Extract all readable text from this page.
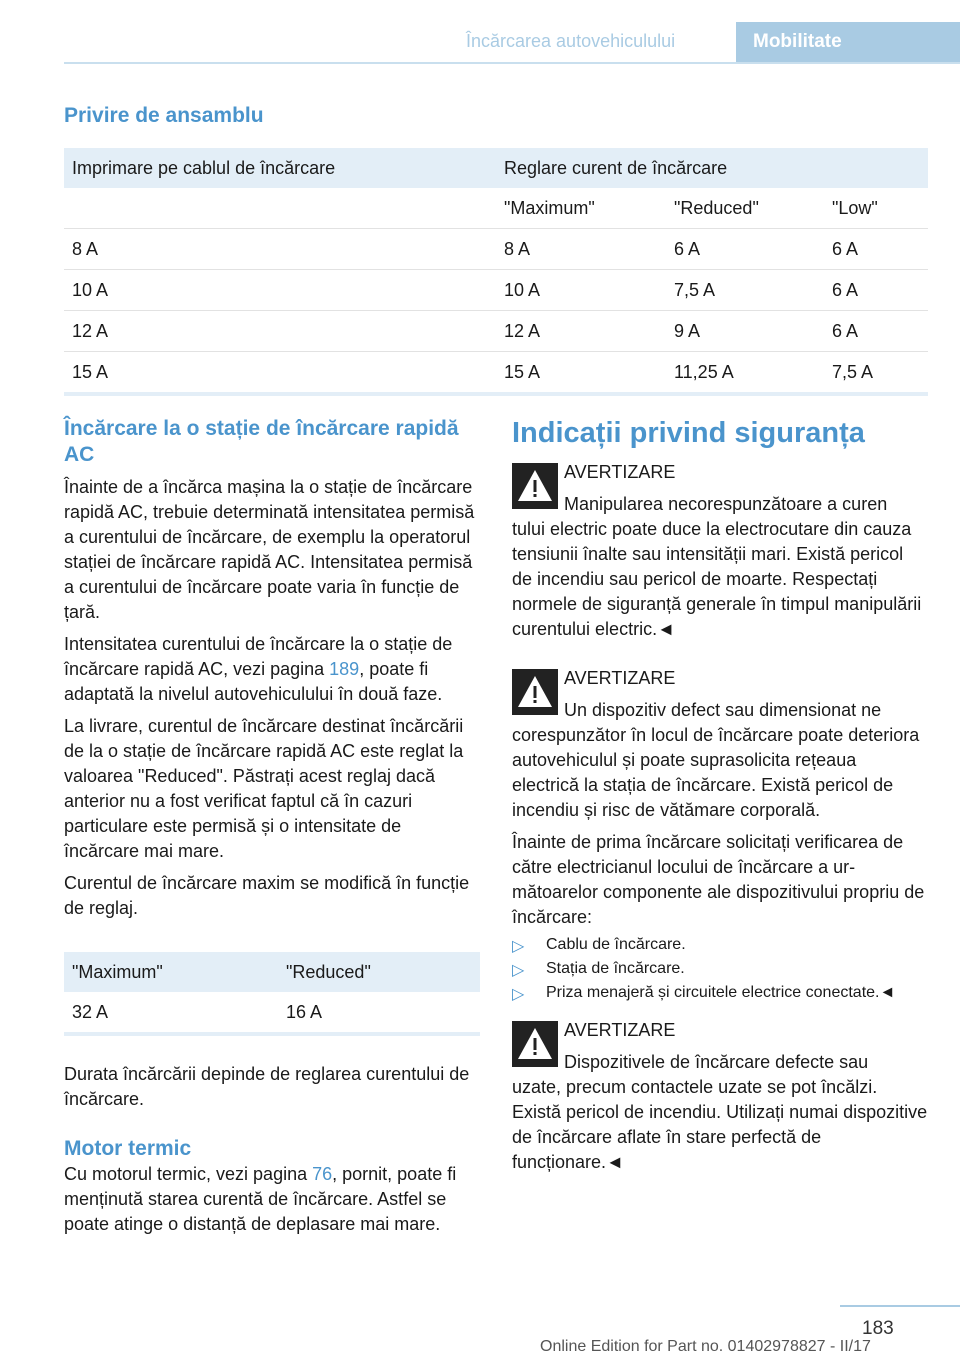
Încărcarea autovehiculului	Mobilitate
Privire de ansamblu
Imprimare pe cablul de încărcare	Reglare curent de încărcare		
	"Maximum"	"Reduced"	"Low"
8 A	8 A	6 A	6 A
10 A	10 A	7,5 A	6 A
12 A	12 A	9 A	6 A
15 A	15 A	11,25 A	7,5 A
Încărcare la o stație de încărcare rapidă AC

Înainte de a încărca mașina la o stație de încărcare rapidă AC, trebuie determinată intensitatea permisă a curentului de încărcare, de exemplu la operatorul stației de încărcare rapidă AC. Intensitatea permisă a curentului de încărcare poate varia în funcție de țară.

Intensitatea curentului de încărcare la o stație de încărcare rapidă AC, vezi pagina 189, poate fi adaptată la nivelul autovehiculului în două faze.

La livrare, curentul de încărcare destinat încărcării de la o stație de încărcare rapidă AC este reglat la valoarea "Reduced". Păstrați acest reglaj dacă anterior nu a fost verificat faptul că în cazuri particulare este permisă și o intensitate de încărcare mai mare.

Curentul de încărcare maxim se modifică în funcție de reglaj.

"Maximum"	"Reduced"
32 A	16 A

Durata încărcării depinde de reglarea curentului de încărcare.

Motor termic

Cu motorul termic, vezi pagina 76, pornit, poate fi menținută starea curentă de încărcare. Astfel se poate atinge o distanță de deplasare mai mare.

Indicații privind siguranța

AVERTIZARE

Manipularea necorespunzătoare a curen

tului electric poate duce la electrocutare din cauza tensiunii înalte sau intensității mari. Există pericol de incendiu sau pericol de moarte. Respectați normele de siguranță generale în timpul manipulării curentului electric.◄

AVERTIZARE

Un dispozitiv defect sau dimensionat ne

corespunzător în locul de încărcare poate deteriora autovehiculul și poate suprasolicita rețeaua electrică la stația de încărcare. Există pericol de incendiu și risc de vătămare corporală.

Înainte de prima încărcare solicitați verificarea de către electricianul locului de încărcare a următoarelor componente ale dispozitivului propriu de încărcare:

▷ Cablu de încărcare.
▷ Stația de încărcare.
▷ Priza menajeră și circuitele electrice conectate.◄

AVERTIZARE

Dispozitivele de încărcare defecte sau

uzate, precum contactele uzate se pot încălzi. Există pericol de incendiu. Utilizați numai dispozitive de încărcare aflate în stare perfectă de funcționare.◄

183
Online Edition for Part no. 01402978827 - II/17
